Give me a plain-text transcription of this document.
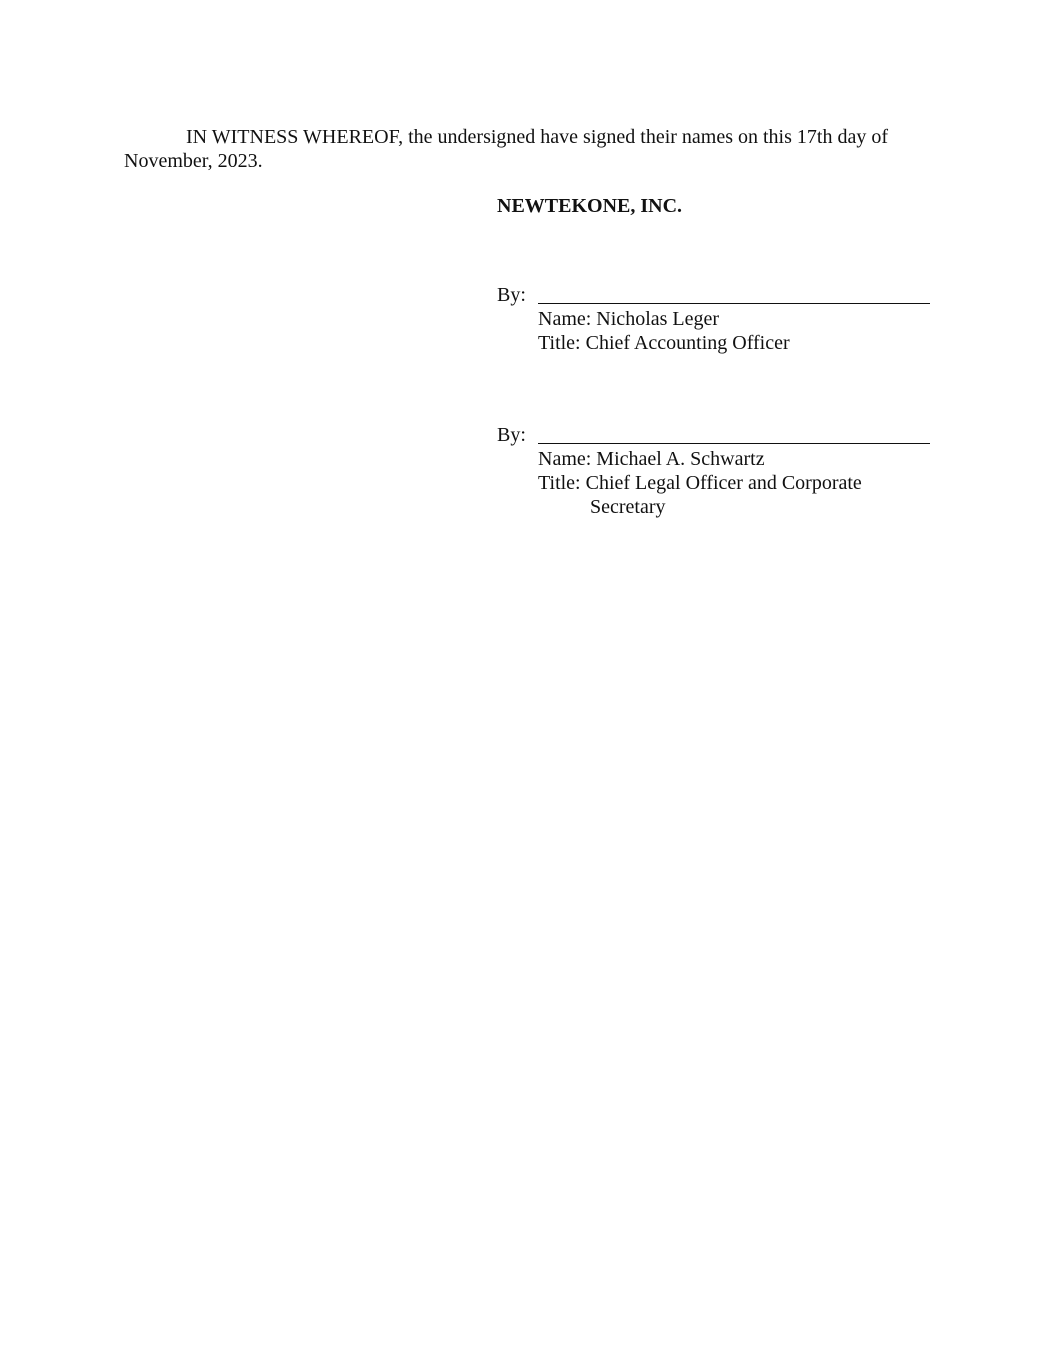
IN WITNESS WHEREOF, the undersigned have signed their names on this 17th day of November, 2023.

NEWTEKONE, INC.

By:
Name: Nicholas Leger
Title: Chief Accounting Officer
By:
Name: Michael A. Schwartz
Title: Chief Legal Officer and Corporate
Secretary
